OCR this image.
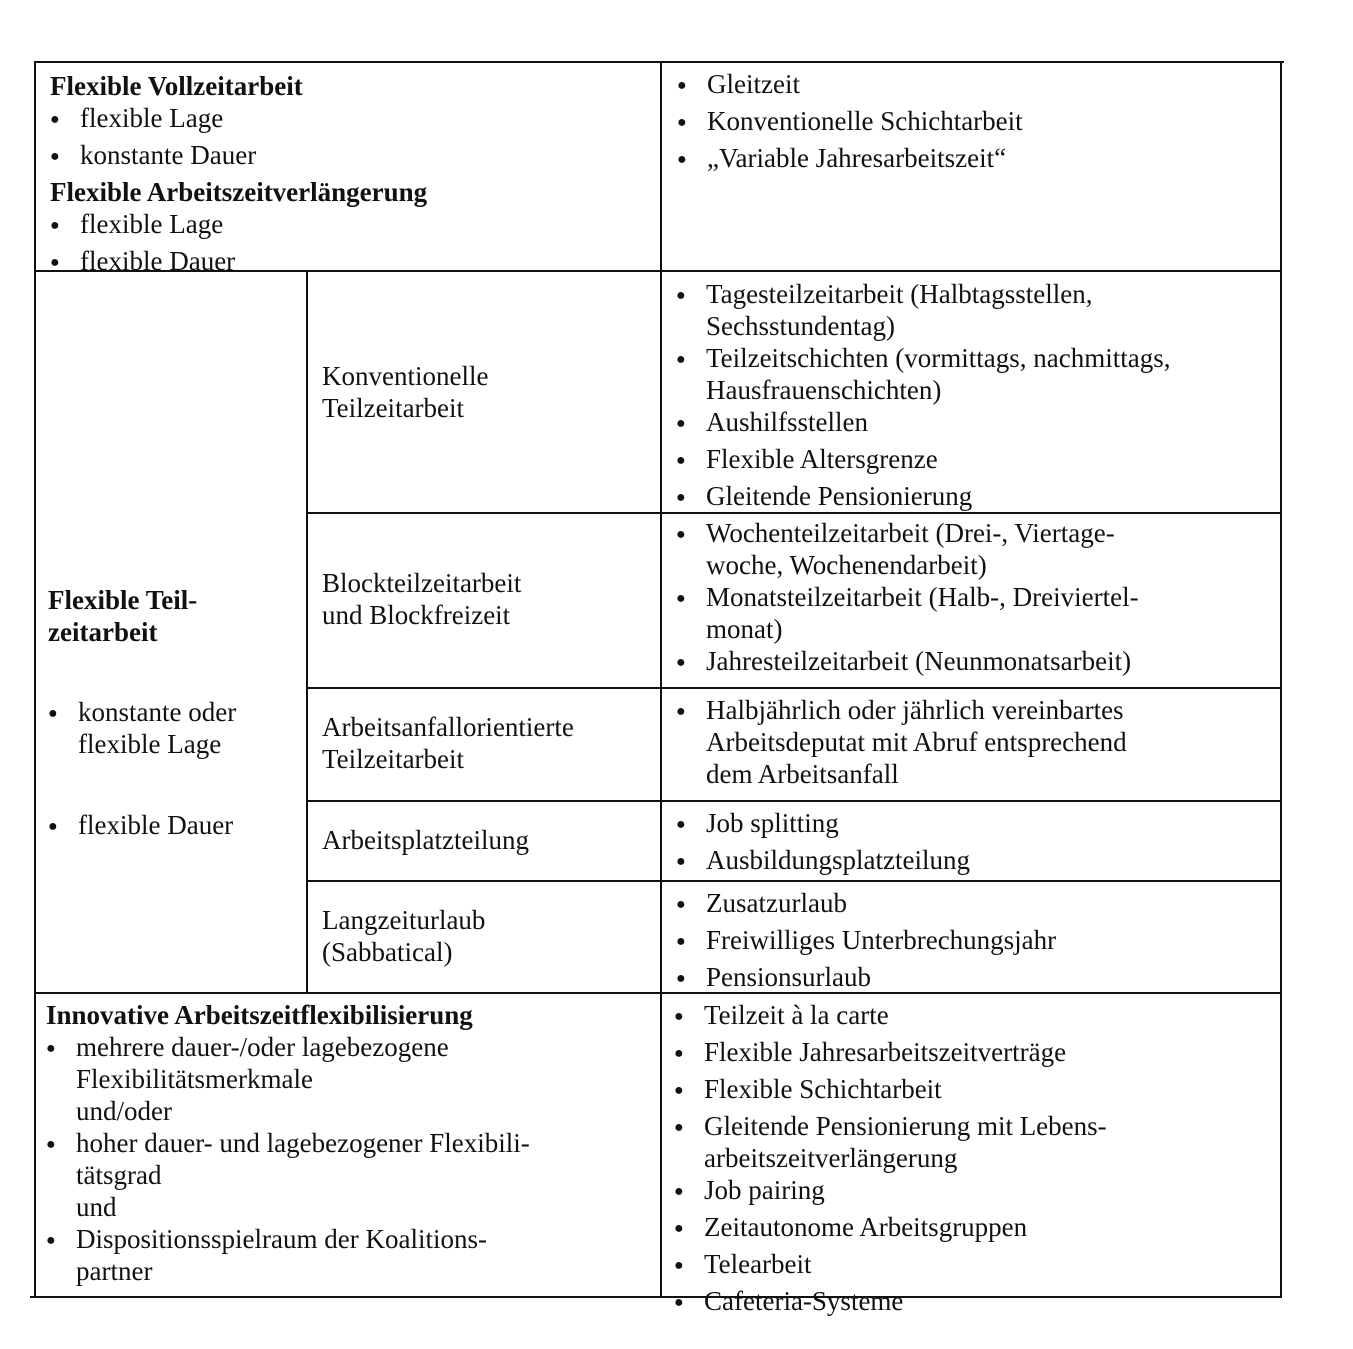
Flexible Vollzeitarbeit
●
flexible Lage
●
konstante Dauer
Flexible Arbeitszeitverlängerung
●
flexible Lage
●
flexible Dauer
●
Gleitzeit
●
Konventionelle Schichtarbeit
●
„Variable Jahresarbeitszeit“
Flexible Teil-
zeitarbeit
●
konstante oder
flexible Lage
●
flexible Dauer
Konventionelle
Teilzeitarbeit
Blockteilzeitarbeit
und Blockfreizeit
Arbeitsanfallorientierte
Teilzeitarbeit
Arbeitsplatzteilung
Langzeiturlaub
(Sabbatical)
●
Tagesteilzeitarbeit (Halbtagsstellen,
Sechsstundentag)
●
Teilzeitschichten (vormittags, nachmittags,
Hausfrauenschichten)
●
Aushilfsstellen
●
Flexible Altersgrenze
●
Gleitende Pensionierung
●
Wochenteilzeitarbeit (Drei-, Viertage-
woche, Wochenendarbeit)
●
Monatsteilzeitarbeit (Halb-, Dreiviertel-
monat)
●
Jahresteilzeitarbeit (Neunmonatsarbeit)
●
Halbjährlich oder jährlich vereinbartes
Arbeitsdeputat mit Abruf entsprechend
dem Arbeitsanfall
●
Job splitting
●
Ausbildungsplatzteilung
●
Zusatzurlaub
●
Freiwilliges Unterbrechungsjahr
●
Pensionsurlaub
Innovative Arbeitszeitflexibilisierung
●
mehrere dauer-/oder lagebezogene
Flexibilitätsmerkmale
und/oder
●
hoher dauer- und lagebezogener Flexibili-
tätsgrad
und
●
Dispositionsspielraum der Koalitions-
partner
●
Teilzeit à la carte
●
Flexible Jahresarbeitszeitverträge
●
Flexible Schichtarbeit
●
Gleitende Pensionierung mit Lebens-
arbeitszeitverlängerung
●
Job pairing
●
Zeitautonome Arbeitsgruppen
●
Telearbeit
●
Cafeteria-Systeme
